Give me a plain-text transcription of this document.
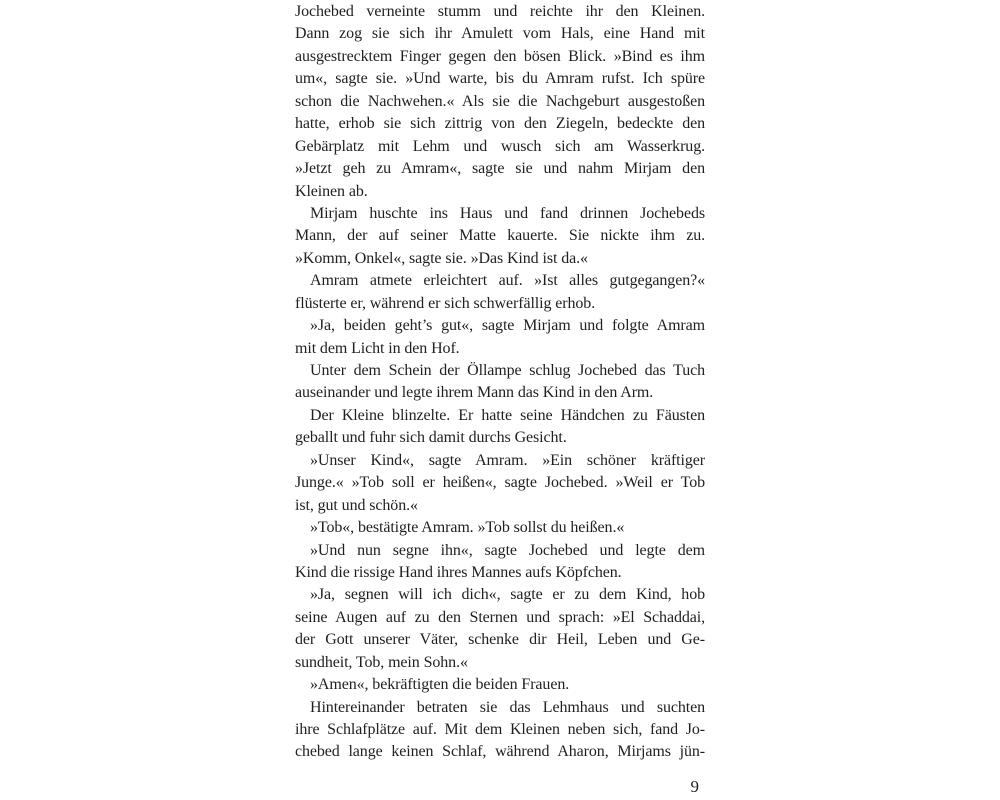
Jochebed verneinte stumm und reichte ihr den Kleinen.
Dann zog sie sich ihr Amulett vom Hals, eine Hand mit
ausgestrecktem Finger gegen den bösen Blick. »Bind es ihm
um«, sagte sie. »Und warte, bis du Amram rufst. Ich spüre
schon die Nachwehen.« Als sie die Nachgeburt ausgestoßen
hatte, erhob sie sich zittrig von den Ziegeln, bedeckte den
Gebärplatz mit Lehm und wusch sich am Wasserkrug.
»Jetzt geh zu Amram«, sagte sie und nahm Mirjam den
Kleinen ab.
Mirjam huschte ins Haus und fand drinnen Jochebeds
Mann, der auf seiner Matte kauerte. Sie nickte ihm zu.
»Komm, Onkel«, sagte sie. »Das Kind ist da.«
Amram atmete erleichtert auf. »Ist alles gutgegangen?«
flüsterte er, während er sich schwerfällig erhob.
»Ja, beiden geht’s gut«, sagte Mirjam und folgte Amram
mit dem Licht in den Hof.
Unter dem Schein der Öllampe schlug Jochebed das Tuch
auseinander und legte ihrem Mann das Kind in den Arm.
Der Kleine blinzelte. Er hatte seine Händchen zu Fäusten
geballt und fuhr sich damit durchs Gesicht.
»Unser Kind«, sagte Amram. »Ein schöner kräftiger
Junge.« »Tob soll er heißen«, sagte Jochebed. »Weil er Tob
ist, gut und schön.«
»Tob«, bestätigte Amram. »Tob sollst du heißen.«
»Und nun segne ihn«, sagte Jochebed und legte dem
Kind die rissige Hand ihres Mannes aufs Köpfchen.
»Ja, segnen will ich dich«, sagte er zu dem Kind, hob
seine Augen auf zu den Sternen und sprach: »El Schaddai,
der Gott unserer Väter, schenke dir Heil, Leben und Ge-
sundheit, Tob, mein Sohn.«
»Amen«, bekräftigten die beiden Frauen.
Hintereinander betraten sie das Lehmhaus und suchten
ihre Schlafplätze auf. Mit dem Kleinen neben sich, fand Jo-
chebed lange keinen Schlaf, während Aharon, Mirjams jün-
9
